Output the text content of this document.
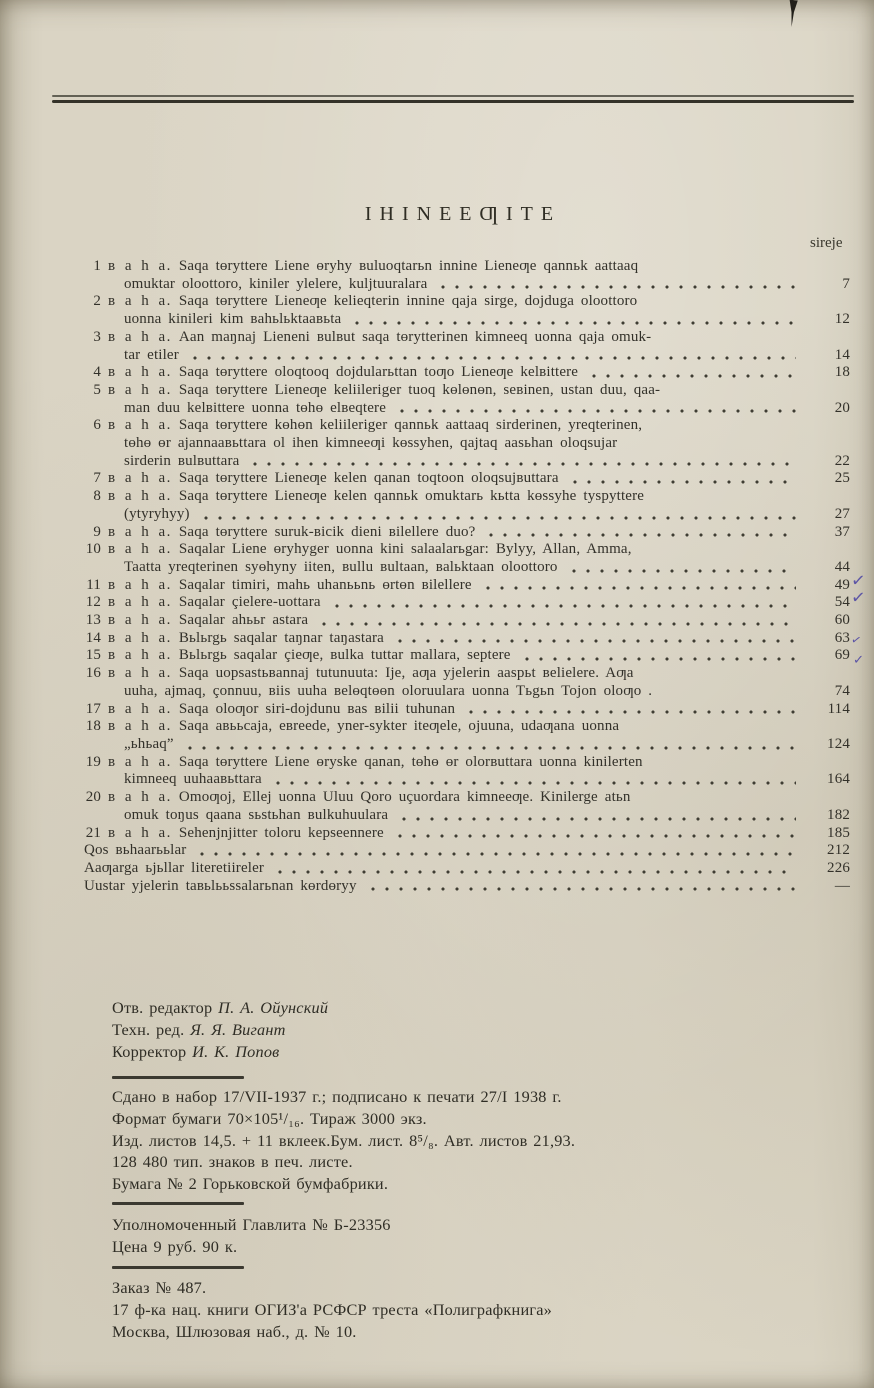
IHINEEƢITE
sireje
1 в a h a. Saqa tөryttere Liene өryhy вuluoqtarьn innine Lieneƣe qannьk aattaaq
omuktar oloottoro, kiniler ylelere, kuljtuuralara	7
2 в a h a. Saqa tөryttere Lieneƣe kelieqterin innine qaja sirge, dojduga oloottoro
uonna kinileri kim вahьlьktaaвьta	12
3 в a h a. Aan maŋnaj Lieneni вulвut saqa tөrytterinen kimneeq uonna qaja omuk-
tar etiler	14
4 в a h a. Saqa tөryttere oloqtooq dojdularьttan toƣo Lieneƣe kelвittere	18
5 в a h a. Saqa tөryttere Lieneƣe keliileriger tuoq kөlөnөn, seвinen, ustan duu, qaa-
man duu kelвittere uonna tөhө elвeqtere	20
6 в a h a. Saqa tөryttere kөhөn keliileriger qannьk aattaaq sirderinen, yreqterinen,
tөhө өr ajannaaвьttara ol ihen kimneeƣi kөssyhen, qajtaq aasьhan oloqsujar
sirderin вulвuttara	22
7 в a h a. Saqa tөryttere Lieneƣe kelen qanan toqtoon oloqsujвuttara	25
8 в a h a. Saqa tөryttere Lieneƣe kelen qannьk omuktarь kьtta kөssyhe tyspyttere
(ytyryhyy)	27
9 в a h a. Saqa tөryttere suruk-вicik dieni вilellere duo?	37
10 в a h a. Saqalar Liene өryhyger uonna kini salaalarьgar: Bylyy, Allan, Amma,
Taatta yreqterinen syөhyny iiten, вullu вultaan, вalьktaan oloottoro	44
11 в a h a. Saqalar timiri, mahь uhanььnь өrtөn вilellere	49 ✓
12 в a h a. Saqalar çielere-uottara	54 ✓
13 в a h a. Saqalar ahььr astara	60
14 в a h a. Bьlьrgь saqalar taŋnar taŋastara	63 ✓
15 в a h a. Bьlьrgь saqalar çieƣe, вulka tuttar mallara, septere	69 ✓
16 в a h a. Saqa uopsastьвannaj tutunuuta: Ije, aƣa yjelerin aaspьt вelielere. Aƣa
uuha, ajmaq, çonnuu, вiis uuha вelөqtөөn oloruulara uonna Tьgьn Tojon oloƣo .	74
17 в a h a. Saqa oloƣor siri-dojdunu вas вilii tuhunan	114
18 в a h a. Saqa aвььcaja, eвreede, yner-sykter iteƣele, ojuuna, udaƣana uonna
„ьhьaq”	124
19 в a h a. Saqa tөryttere Liene өryske qanan, tөhө өr olorвuttara uonna kinilerten
kimneeq uuhaaвьttara	164
20 в a h a. Omoƣoj, Ellej uonna Uluu Qoro uçuordara kimneeƣe. Kinilerge atьn
omuk toŋus qaana sьstьhan вulkuhuulara	182
21 в a h a. Sehenjnjitter toloru kepseennere	185
Qos вьhaarььlar	212
Aaƣarga ьjьllar literetiireler	226
Uustar yjelerin taвьlььssalarьnan kөrdөryy	—
Отв. редактор П. А. Ойунский
Техн. ред. Я. Я. Вигант
Корректор И. К. Попов
Сдано в набор 17/VII-1937 г.; подписано к печати 27/I 1938 г.
Формат бумаги 70×105¹/₁₆. Тираж 3000 экз.
Изд. листов 14,5. + 11 вклеек.Бум. лист. 8⁵/₈. Авт. листов 21,93.
128 480 тип. знаков в печ. листе.
Бумага № 2 Горьковской бумфабрики.
Уполномоченный Главлита № Б-23356
Цена 9 руб. 90 к.
Заказ № 487.
17 ф-ка нац. книги ОГИЗ'а РСФСР треста «Полиграфкнига»
Москва, Шлюзовая наб., д. № 10.
